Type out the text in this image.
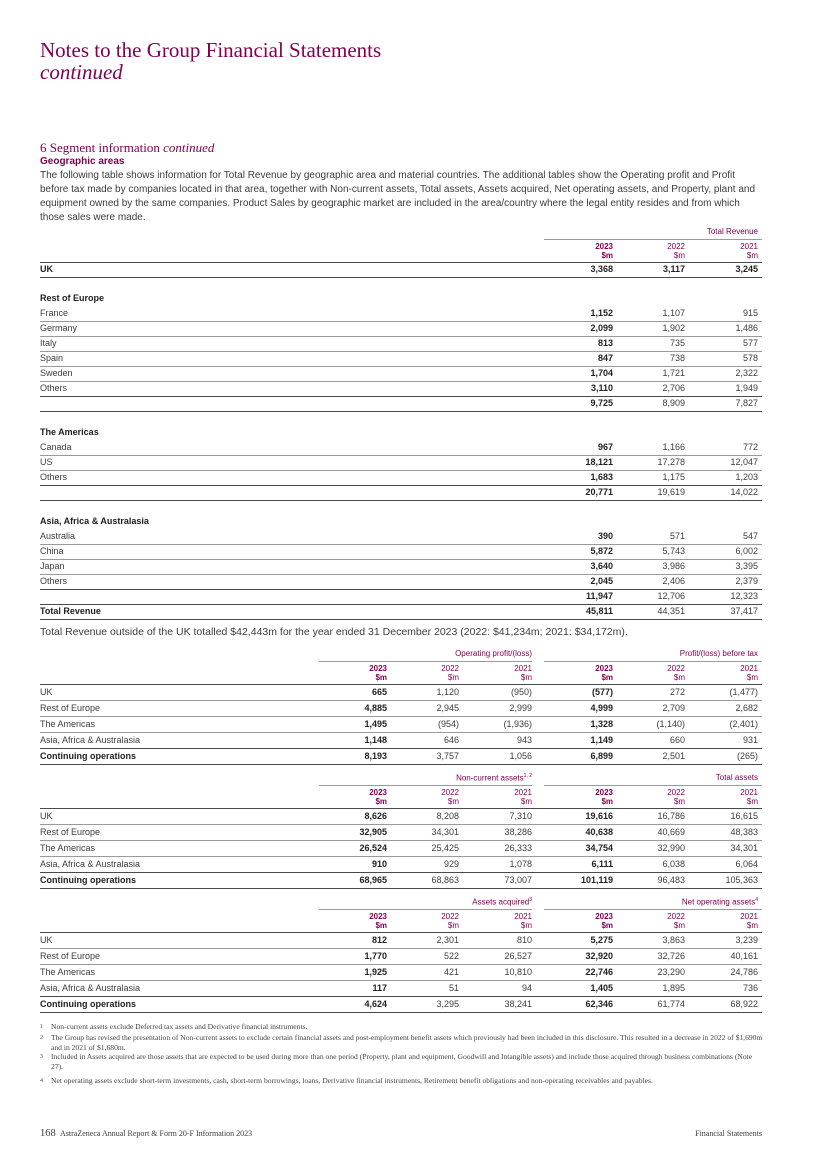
Notes to the Group Financial Statements
continued
6 Segment information continued
Geographic areas
The following table shows information for Total Revenue by geographic area and material countries. The additional tables show the Operating profit and Profit before tax made by companies located in that area, together with Non-current assets, Total assets, Assets acquired, Net operating assets, and Property, plant and equipment owned by the same companies. Product Sales by geographic market are included in the area/country where the legal entity resides and from which those sales were made.
Total Revenue
2023
$m
2022
$m
2021
$m
UK	3,368	3,117	3,245
Rest of Europe
France	1,152	1,107	915
Germany	2,099	1,902	1,486
Italy	813	735	577
Spain	847	738	578
Sweden	1,704	1,721	2,322
Others	3,110	2,706	1,949
9,725	8,909	7,827
The Americas
Canada	967	1,166	772
US	18,121	17,278	12,047
Others	1,683	1,175	1,203
20,771	19,619	14,022
Asia, Africa & Australasia
Australia	390	571	547
China	5,872	5,743	6,002
Japan	3,640	3,986	3,395
Others	2,045	2,406	2,379
11,947	12,706	12,323
Total Revenue	45,811	44,351	37,417
Total Revenue outside of the UK totalled $42,443m for the year ended 31 December 2023 (2022: $41,234m; 2021: $34,172m).
Operating profit/(loss)	Profit/(loss) before tax
2023
$m
2022
$m
2021
$m
2023
$m
2022
$m
2021
$m
UK	665	1,120	(950)	(577)	272	(1,477)
Rest of Europe	4,885	2,945	2,999	4,999	2,709	2,682
The Americas	1,495	(954)	(1,936)	1,328	(1,140)	(2,401)
Asia, Africa & Australasia	1,148	646	943	1,149	660	931
Continuing operations	8,193	3,757	1,056	6,899	2,501	(265)
Non-current assets$^{1, 2}$	Total assets
2023
$m
2022
$m
2021
$m
2023
$m
2022
$m
2021
$m
UK	8,626	8,208	7,310	19,616	16,786	16,615
Rest of Europe	32,905	34,301	38,286	40,638	40,669	48,383
The Americas	26,524	25,425	26,333	34,754	32,990	34,301
Asia, Africa & Australasia	910	929	1,078	6,111	6,038	6,064
Continuing operations	68,965	68,863	73,007	101,119	96,483	105,363
Assets acquired$^3$	Net operating assets$^4$
2023
$m
2022
$m
2021
$m
2023
$m
2022
$m
2021
$m
UK	812	2,301	810	5,275	3,863	3,239
Rest of Europe	1,770	522	26,527	32,920	32,726	40,161
The Americas	1,925	421	10,810	22,746	23,290	24,786
Asia, Africa & Australasia	117	51	94	1,405	1,895	736
Continuing operations	4,624	3,295	38,241	62,346	61,774	68,922
1	Non-current assets exclude Deferred tax assets and Derivative financial instruments.
2	The Group has revised the presentation of Non-current assets to exclude certain financial assets and post-employment benefit assets which previously had been included in this disclosure. This resulted in a decrease in 2022 of $1,690m and in 2021 of $1,680m.
3	Included in Assets acquired are those assets that are expected to be used during more than one period (Property, plant and equipment, Goodwill and Intangible assets) and include those acquired through business combinations (Note 27).
4	Net operating assets exclude short-term investments, cash, short-term borrowings, loans, Derivative financial instruments, Retirement benefit obligations and non-operating receivables and payables.
168 AstraZeneca Annual Report & Form 20-F Information 2023	Financial Statements
